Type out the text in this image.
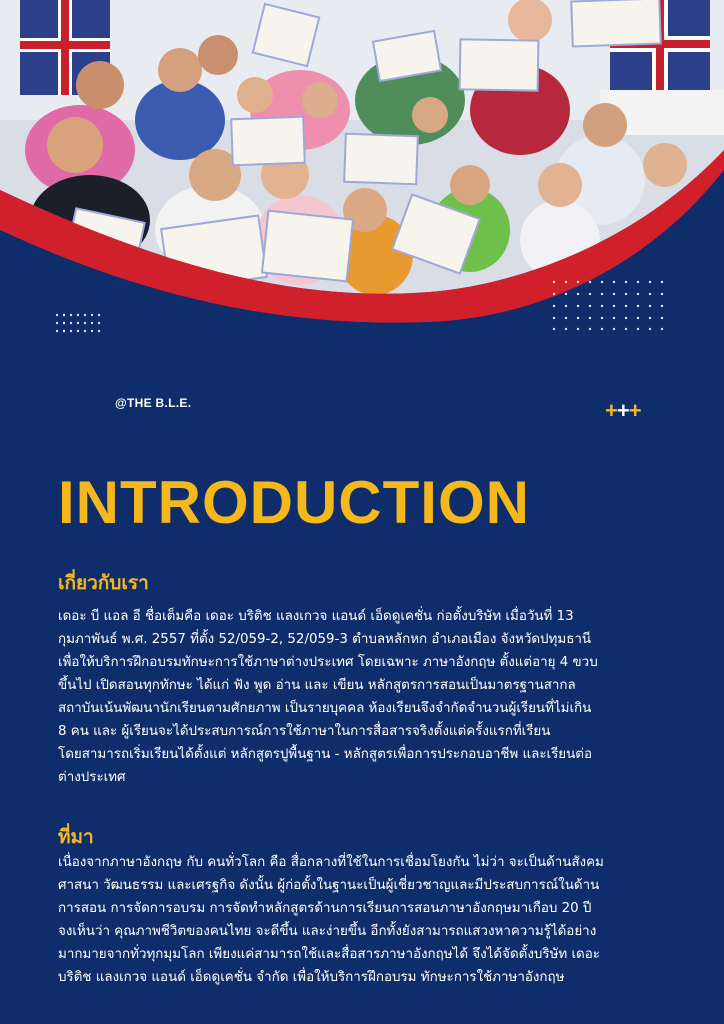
@THE B.L.E.	+++
INTRODUCTION
เกี่ยวกับเรา
เดอะ บี แอล อี ชื่อเต็มคือ เดอะ บริติช แลงเกวจ แอนด์ เอ็ดดูเคชั่น ก่อตั้งบริษัท เมื่อวันที่ 13
กุมภาพันธ์ พ.ศ. 2557 ที่ตั้ง 52/059-2, 52/059-3 ตำบลหลักหก อำเภอเมือง จังหวัดปทุมธานี
เพื่อให้บริการฝึกอบรมทักษะการใช้ภาษาต่างประเทศ โดยเฉพาะ ภาษาอังกฤษ ตั้งแต่อายุ 4 ขวบ
ขึ้นไป เปิดสอนทุกทักษะ ได้แก่ ฟัง พูด อ่าน และ เขียน หลักสูตรการสอนเป็นมาตรฐานสากล
สถาบันเน้นพัฒนานักเรียนตามศักยภาพ เป็นรายบุคคล ห้องเรียนจึงจำกัดจำนวนผู้เรียนที่ไม่เกิน
8 คน และ ผู้เรียนจะได้ประสบการณ์การใช้ภาษาในการสื่อสารจริงตั้งแต่ครั้งแรกที่เรียน
โดยสามารถเริ่มเรียนได้ตั้งแต่ หลักสูตรปูพื้นฐาน - หลักสูตรเพื่อการประกอบอาชีพ และเรียนต่อ
ต่างประเทศ
ที่มา
เนื่องจากภาษาอังกฤษ กับ คนทั่วโลก คือ สื่อกลางที่ใช้ในการเชื่อมโยงกัน ไม่ว่า จะเป็นด้านสังคม
ศาสนา วัฒนธรรม และเศรฐกิจ ดังนั้น ผู้ก่อตั้งในฐานะเป็นผู้เชี่ยวชาญและมีประสบการณ์ในด้าน
การสอน การจัดการอบรม การจัดทำหลักสูตรด้านการเรียนการสอนภาษาอังกฤษมาเกือบ 20 ปี
จงเห็นว่า คุณภาพชีวิตของคนไทย จะดีขึ้น และง่ายขึ้น อีกทั้งยังสามารถแสวงหาความรู้ได้อย่าง
มากมายจากทั่วทุกมุมโลก เพียงแค่สามารถใช้และสื่อสารภาษาอังกฤษได้ จึงได้จัดตั้งบริษัท เดอะ
บริติช แลงเกวจ แอนด์ เอ็ดดูเคชั่น จำกัด เพื่อให้บริการฝึกอบรม ทักษะการใช้ภาษาอังกฤษ
